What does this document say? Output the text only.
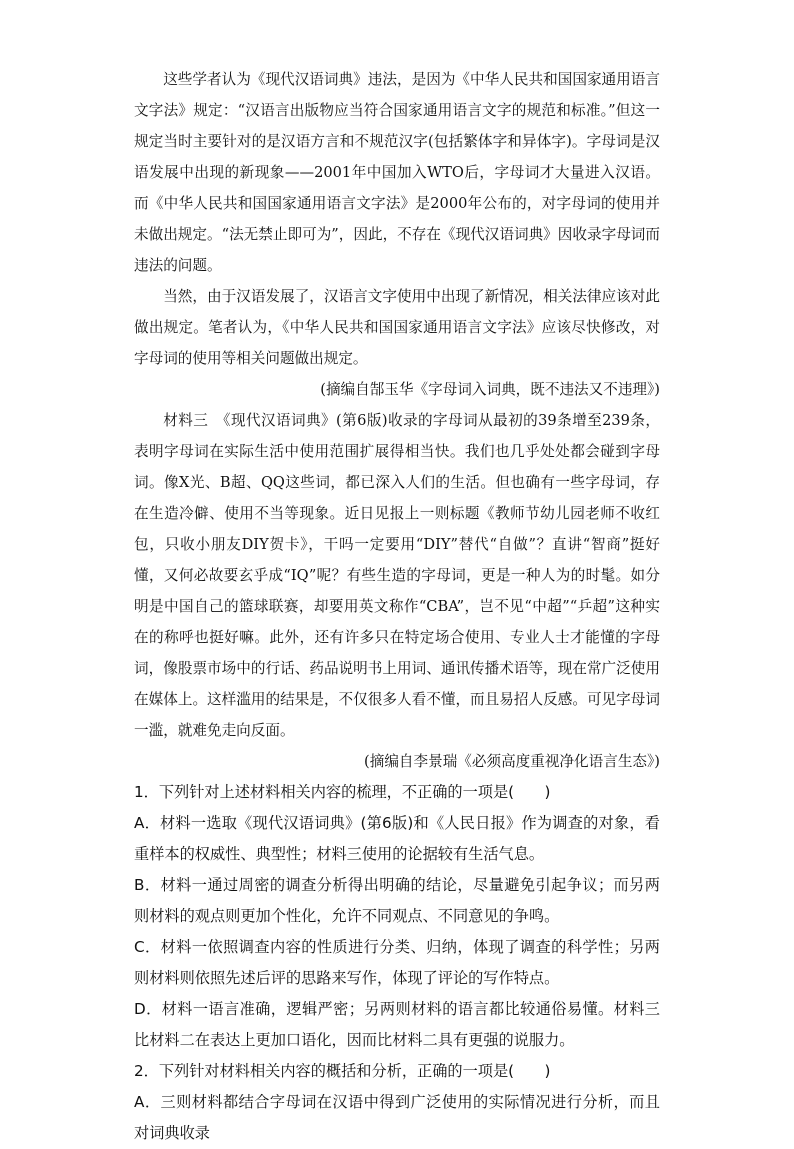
这些学者认为《现代汉语词典》违法，是因为《中华人民共和国国家通用语言文字法》规定：“汉语言出版物应当符合国家通用语言文字的规范和标准。”但这一规定当时主要针对的是汉语方言和不规范汉字(包括繁体字和异体字)。字母词是汉语发展中出现的新现象——2001年中国加入WTO后，字母词才大量进入汉语。而《中华人民共和国国家通用语言文字法》是2000年公布的，对字母词的使用并未做出规定。“法无禁止即可为”，因此，不存在《现代汉语词典》因收录字母词而违法的问题。

当然，由于汉语发展了，汉语言文字使用中出现了新情况，相关法律应该对此做出规定。笔者认为，《中华人民共和国国家通用语言文字法》应该尽快修改，对字母词的使用等相关问题做出规定。

(摘编自郜玉华《字母词入词典，既不违法又不违理》)

材料三　《现代汉语词典》(第6版)收录的字母词从最初的39条增至239条，表明字母词在实际生活中使用范围扩展得相当快。我们也几乎处处都会碰到字母词。像X光、B超、QQ这些词，都已深入人们的生活。但也确有一些字母词，存在生造冷僻、使用不当等现象。近日见报上一则标题《教师节幼儿园老师不收红包，只收小朋友DIY贺卡》，干吗一定要用“DIY”替代“自做”？直讲“智商”挺好懂，又何必故要玄乎成“IQ”呢？有些生造的字母词，更是一种人为的时髦。如分明是中国自己的篮球联赛，却要用英文称作“CBA”，岂不见“中超”“乒超”这种实在的称呼也挺好嘛。此外，还有许多只在特定场合使用、专业人士才能懂的字母词，像股票市场中的行话、药品说明书上用词、通讯传播术语等，现在常广泛使用在媒体上。这样滥用的结果是，不仅很多人看不懂，而且易招人反感。可见字母词一滥，就难免走向反面。

(摘编自李景瑞《必须高度重视净化语言生态》)

1．下列针对上述材料相关内容的梳理，不正确的一项是(　　)

A．材料一选取《现代汉语词典》(第6版)和《人民日报》作为调查的对象，看重样本的权威性、典型性；材料三使用的论据较有生活气息。

B．材料一通过周密的调查分析得出明确的结论，尽量避免引起争议；而另两则材料的观点则更加个性化，允许不同观点、不同意见的争鸣。

C．材料一依照调查内容的性质进行分类、归纳，体现了调查的科学性；另两则材料则依照先述后评的思路来写作，体现了评论的写作特点。

D．材料一语言准确，逻辑严密；另两则材料的语言都比较通俗易懂。材料三比材料二在表达上更加口语化，因而比材料二具有更强的说服力。

2．下列针对材料相关内容的概括和分析，正确的一项是(　　)

A．三则材料都结合字母词在汉语中得到广泛使用的实际情况进行分析，而且对词典收录
